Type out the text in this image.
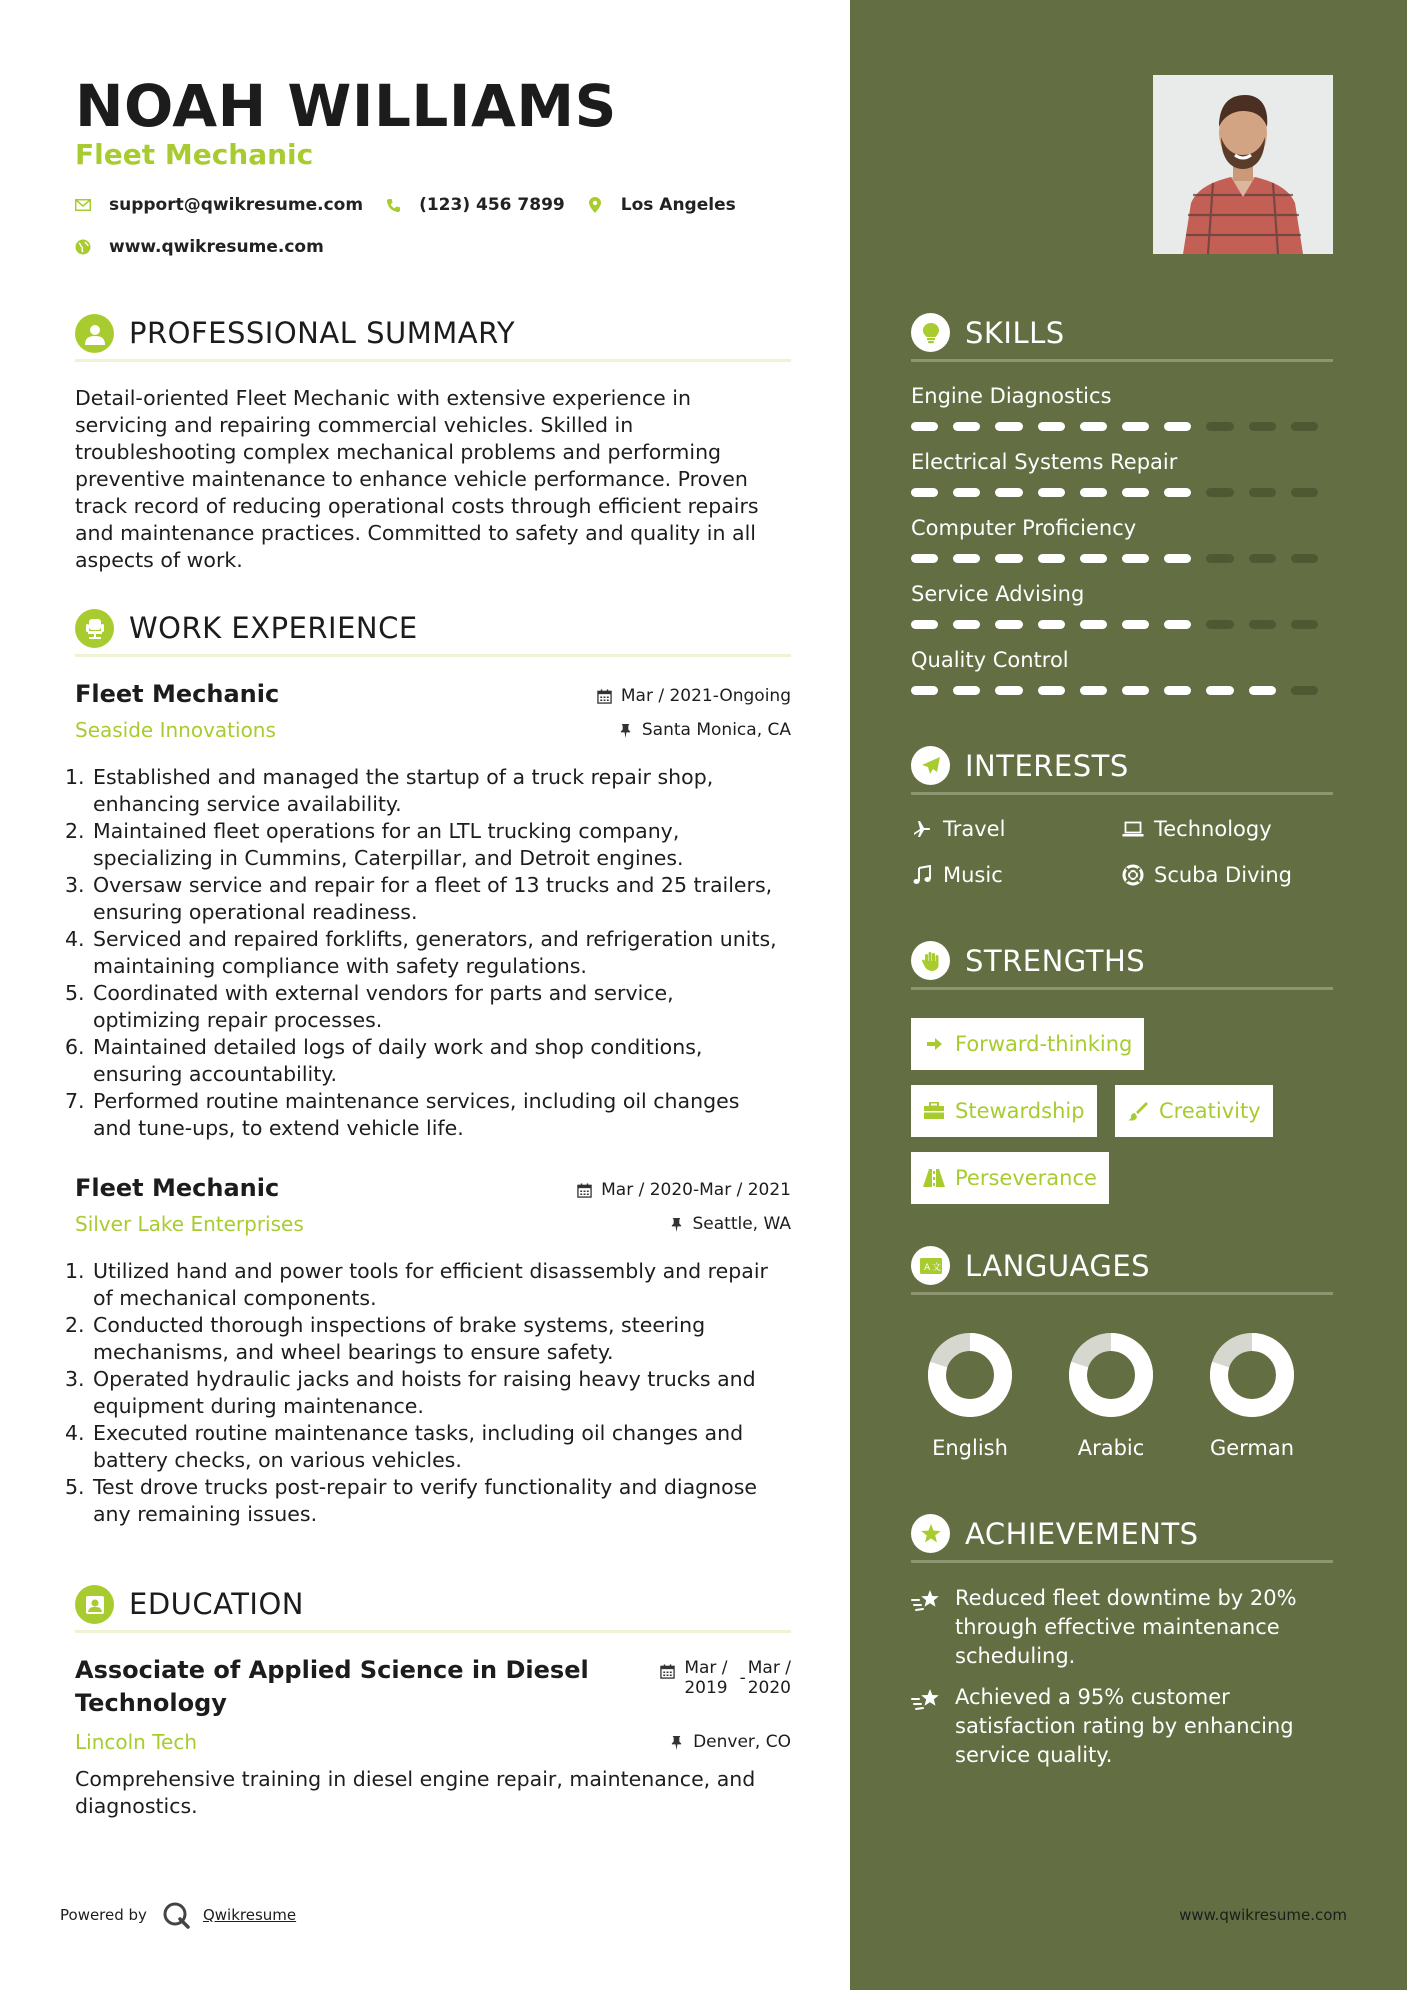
NOAH WILLIAMS
Fleet Mechanic
support@qwikresume.com	(123) 456 7899	Los Angeles
www.qwikresume.com
PROFESSIONAL SUMMARY
Detail-oriented Fleet Mechanic with extensive experience in
servicing and repairing commercial vehicles. Skilled in
troubleshooting complex mechanical problems and performing
preventive maintenance to enhance vehicle performance. Proven
track record of reducing operational costs through efficient repairs
and maintenance practices. Committed to safety and quality in all
aspects of work.
WORK EXPERIENCE
Fleet Mechanic	Mar / 2021-Ongoing
Seaside Innovations	Santa Monica, CA
1. Established and managed the startup of a truck repair shop,
enhancing service availability.
2. Maintained fleet operations for an LTL trucking company,
specializing in Cummins, Caterpillar, and Detroit engines.
3. Oversaw service and repair for a fleet of 13 trucks and 25 trailers,
ensuring operational readiness.
4. Serviced and repaired forklifts, generators, and refrigeration units,
maintaining compliance with safety regulations.
5. Coordinated with external vendors for parts and service,
optimizing repair processes.
6. Maintained detailed logs of daily work and shop conditions,
ensuring accountability.
7. Performed routine maintenance services, including oil changes
and tune-ups, to extend vehicle life.
Fleet Mechanic	Mar / 2020-Mar / 2021
Silver Lake Enterprises	Seattle, WA
1. Utilized hand and power tools for efficient disassembly and repair
of mechanical components.
2. Conducted thorough inspections of brake systems, steering
mechanisms, and wheel bearings to ensure safety.
3. Operated hydraulic jacks and hoists for raising heavy trucks and
equipment during maintenance.
4. Executed routine maintenance tasks, including oil changes and
battery checks, on various vehicles.
5. Test drove trucks post-repair to verify functionality and diagnose
any remaining issues.
EDUCATION
Associate of Applied Science in Diesel
Technology
Mar /
2019 - Mar /
2020
Lincoln Tech	Denver, CO
Comprehensive training in diesel engine repair, maintenance, and
diagnostics.
Powered by	Qwikresume	www.qwikresume.com
SKILLS
Engine Diagnostics
Electrical Systems Repair
Computer Proficiency
Service Advising
Quality Control
INTERESTS
Travel	Technology
Music	Scuba Diving
STRENGTHS
Forward-thinking
Stewardship	Creativity
Perseverance
A 文 LANGUAGES
English	Arabic	German
ACHIEVEMENTS
Reduced fleet downtime by 20%
through effective maintenance
scheduling.
Achieved a 95% customer
satisfaction rating by enhancing
service quality.
